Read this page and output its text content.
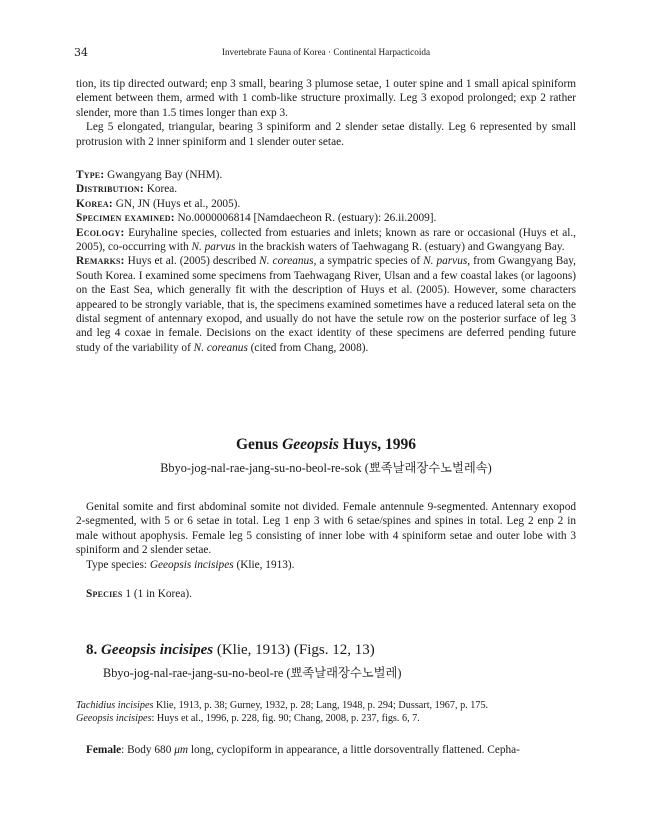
34	Invertebrate Fauna of Korea · Continental Harpacticoida

tion, its tip directed outward; enp 3 small, bearing 3 plumose setae, 1 outer spine and 1 small apical spiniform element between them, armed with 1 comb-like structure proximally. Leg 3 exopod prolonged; exp 2 rather slender, more than 1.5 times longer than exp 3.

Leg 5 elongated, triangular, bearing 3 spiniform and 2 slender setae distally. Leg 6 represented by small protrusion with 2 inner spiniform and 1 slender outer setae.

Type: Gwangyang Bay (NHM).

Distribution: Korea.

Korea: GN, JN (Huys et al., 2005).

Specimen examined: No.0000006814 [Namdaecheon R. (estuary): 26.ii.2009].

Ecology: Euryhaline species, collected from estuaries and inlets; known as rare or occasional (Huys et al., 2005), co-occurring with N. parvus in the brackish waters of Taehwagang R. (estuary) and Gwangyang Bay.

Remarks: Huys et al. (2005) described N. coreanus, a sympatric species of N. parvus, from Gwangyang Bay, South Korea. I examined some specimens from Taehwagang River, Ulsan and a few coastal lakes (or lagoons) on the East Sea, which generally fit with the description of Huys et al. (2005). However, some characters appeared to be strongly variable, that is, the specimens examined sometimes have a reduced lateral seta on the distal segment of antennary exopod, and usually do not have the setule row on the posterior surface of leg 3 and leg 4 coxae in female. Decisions on the exact identity of these specimens are deferred pending future study of the variability of N. coreanus (cited from Chang, 2008).

Genus Geeopsis Huys, 1996
Bbyo-jog-nal-rae-jang-su-no-beol-re-sok (뾰족날래장수노벌레속)

Genital somite and first abdominal somite not divided. Female antennule 9-segmented. Antennary exopod 2-segmented, with 5 or 6 setae in total. Leg 1 enp 3 with 6 setae/spines and spines in total. Leg 2 enp 2 in male without apophysis. Female leg 5 consisting of inner lobe with 4 spiniform setae and outer lobe with 3 spiniform and 2 slender setae.

Type species: Geeopsis incisipes (Klie, 1913).

Species 1 (1 in Korea).

8. Geeopsis incisipes (Klie, 1913) (Figs. 12, 13)
Bbyo-jog-nal-rae-jang-su-no-beol-re (뾰족날래장수노벌레)

Tachidius incisipes Klie, 1913, p. 38; Gurney, 1932, p. 28; Lang, 1948, p. 294; Dussart, 1967, p. 175.

Geeopsis incisipes: Huys et al., 1996, p. 228, fig. 90; Chang, 2008, p. 237, figs. 6, 7.

Female: Body 680 μm long, cyclopiform in appearance, a little dorsoventrally flattened. Cepha-
